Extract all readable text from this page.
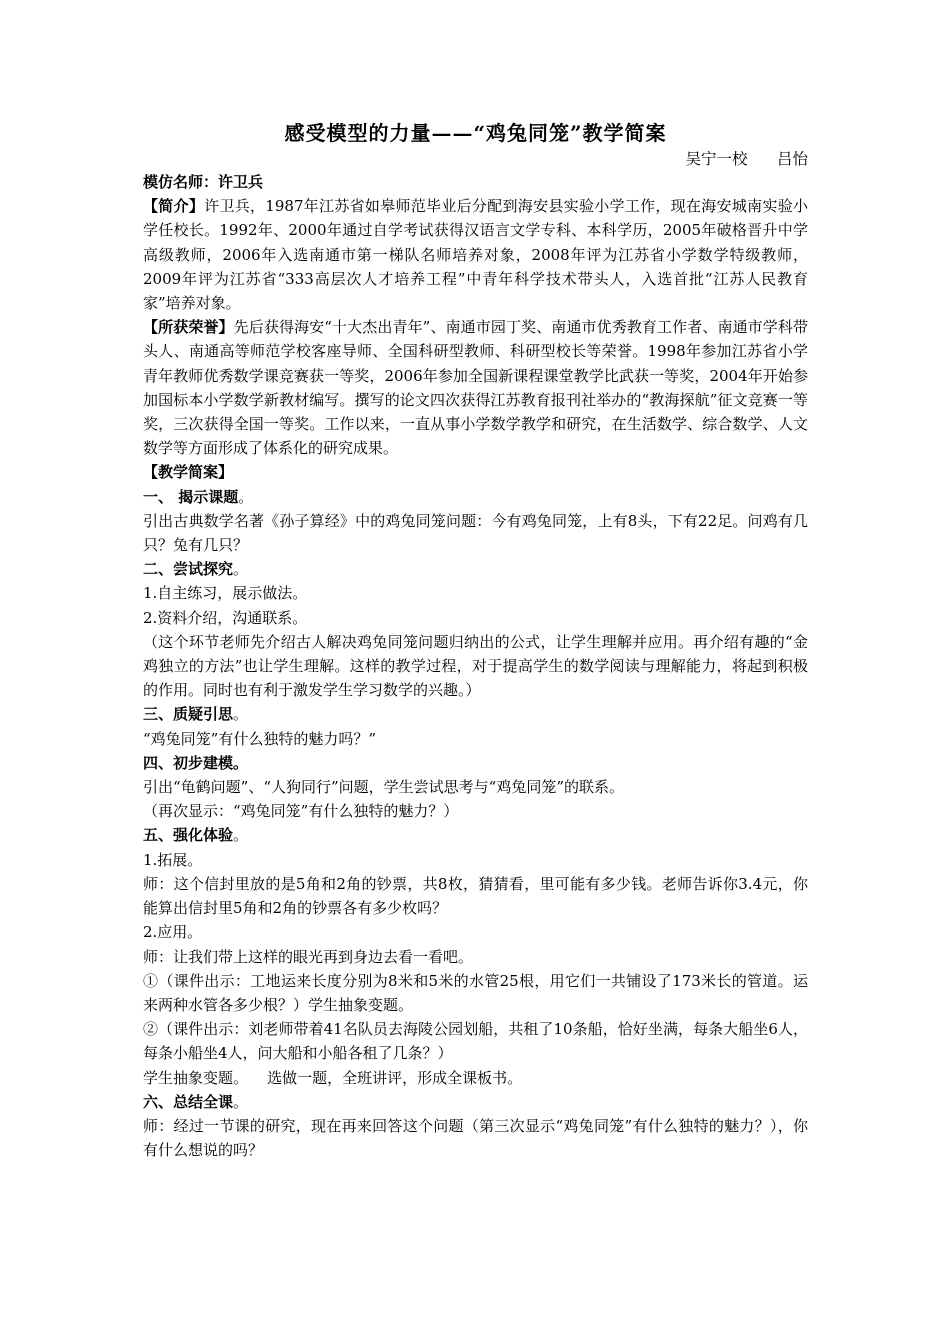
感受模型的力量——“鸡兔同笼”教学简案

吴宁一校      吕怡

模仿名师：许卫兵

【简介】许卫兵，1987年江苏省如皋师范毕业后分配到海安县实验小学工作，现在海安城南实验小学任校长。1992年、2000年通过自学考试获得汉语言文学专科、本科学历，2005年破格晋升中学高级教师，2006年入选南通市第一梯队名师培养对象，2008年评为江苏省小学数学特级教师，2009年评为江苏省“333高层次人才培养工程”中青年科学技术带头人，入选首批“江苏人民教育家”培养对象。

【所获荣誉】先后获得海安“十大杰出青年”、南通市园丁奖、南通市优秀教育工作者、南通市学科带头人、南通高等师范学校客座导师、全国科研型教师、科研型校长等荣誉。1998年参加江苏省小学青年教师优秀数学课竞赛获一等奖，2006年参加全国新课程课堂教学比武获一等奖，2004年开始参加国标本小学数学新教材编写。撰写的论文四次获得江苏教育报刊社举办的“教海探航”征文竞赛一等奖，三次获得全国一等奖。工作以来，一直从事小学数学教学和研究，在生活数学、综合数学、人文数学等方面形成了体系化的研究成果。

【教学简案】

一、 揭示课题。

引出古典数学名著《孙子算经》中的鸡兔同笼问题：今有鸡兔同笼，上有8头，下有22足。问鸡有几只？兔有几只？

二、尝试探究。

1.自主练习，展示做法。

2.资料介绍，沟通联系。

（这个环节老师先介绍古人解决鸡兔同笼问题归纳出的公式，让学生理解并应用。再介绍有趣的“金鸡独立的方法”也让学生理解。这样的教学过程，对于提高学生的数学阅读与理解能力，将起到积极的作用。同时也有利于激发学生学习数学的兴趣。）

三、质疑引思。

“鸡兔同笼”有什么独特的魅力吗？”

四、初步建模。

引出“龟鹤问题”、“人狗同行”问题，学生尝试思考与“鸡兔同笼”的联系。

（再次显示：“鸡兔同笼”有什么独特的魅力？）

五、强化体验。

1.拓展。

师：这个信封里放的是5角和2角的钞票，共8枚，猜猜看，里可能有多少钱。老师告诉你3.4元，你能算出信封里5角和2角的钞票各有多少枚吗？

2.应用。

师：让我们带上这样的眼光再到身边去看一看吧。

①（课件出示：工地运来长度分别为8米和5米的水管25根，用它们一共铺设了173米长的管道。运来两种水管各多少根？）学生抽象变题。

②（课件出示：刘老师带着41名队员去海陵公园划船，共租了10条船，恰好坐满，每条大船坐6人，每条小船坐4人，问大船和小船各租了几条？）

学生抽象变题。    选做一题，全班讲评，形成全课板书。

六、总结全课。

师：经过一节课的研究，现在再来回答这个问题（第三次显示“鸡兔同笼”有什么独特的魅力？），你有什么想说的吗？
